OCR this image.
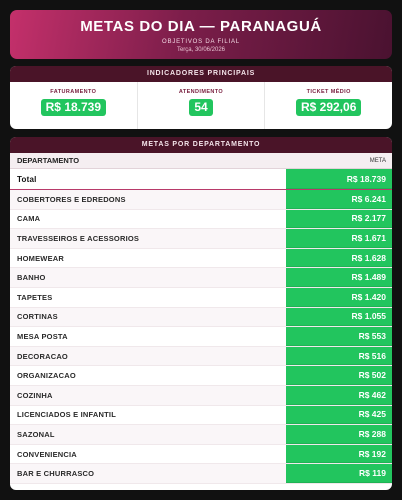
METAS DO DIA — PARANAGUÁ
OBJETIVOS DA FILIAL
Terça, 30/06/2026
INDICADORES PRINCIPAIS
FATURAMENTO
R$ 18.739
ATENDIMENTO
54
TICKET MÉDIO
R$ 292,06
METAS POR DEPARTAMENTO
DEPARTAMENTO	META
Total	R$ 18.739
COBERTORES E EDREDONS	R$ 6.241
CAMA	R$ 2.177
TRAVESSEIROS E ACESSORIOS	R$ 1.671
HOMEWEAR	R$ 1.628
BANHO	R$ 1.489
TAPETES	R$ 1.420
CORTINAS	R$ 1.055
MESA POSTA	R$ 553
DECORACAO	R$ 516
ORGANIZACAO	R$ 502
COZINHA	R$ 462
LICENCIADOS E INFANTIL	R$ 425
SAZONAL	R$ 288
CONVENIENCIA	R$ 192
BAR E CHURRASCO	R$ 119
